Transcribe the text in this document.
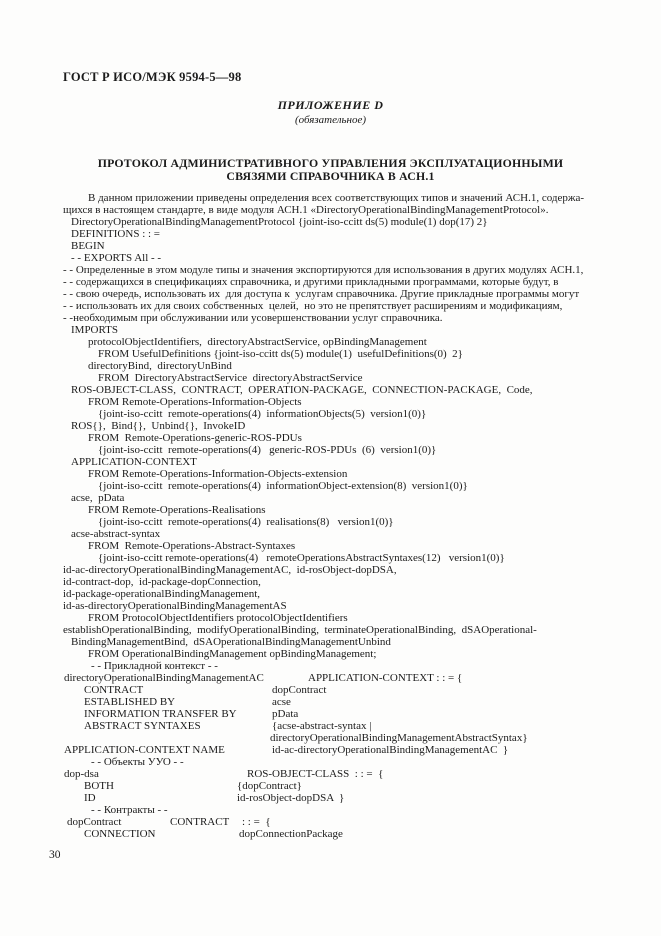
ГОСТ Р ИСО/МЭК 9594-5—98
ПРИЛОЖЕНИЕ D
(обязательное)
ПРОТОКОЛ АДМИНИСТРАТИВНОГО УПРАВЛЕНИЯ ЭКСПЛУАТАЦИОННЫМИ
СВЯЗЯМИ СПРАВОЧНИКА В АСН.1
В данном приложении приведены определения всех соответствующих типов и значений АСН.1, содержа-
щихся в настоящем стандарте, в виде модуля АСН.1 «DirectoryOperationalBindingManagementProtocol».
DirectoryOperationalBindingManagementProtocol {joint-iso-ccitt ds(5) module(1) dop(17) 2}
DEFINITIONS : : =
BEGIN
- - EXPORTS All - -
- - Определенные в этом модуле типы и значения экспортируются для использования в других модулях АСН.1,
- - содержащихся в спецификациях справочника, и другими прикладными программами, которые будут, в
- - свою очередь, использовать их  для доступа к  услугам справочника. Другие прикладные программы могут
- - использовать их для своих собственных  целей,  но это не препятствует расширениям и модификациям,
- -необходимым при обслуживании или усовершенствовании услуг справочника.
IMPORTS
protocolObjectIdentifiers,  directoryAbstractService, opBindingManagement
FROM UsefulDefinitions {joint-iso-ccitt ds(5) module(1)  usefulDefinitions(0)  2}
directoryBind,  directoryUnBind
FROM  DirectoryAbstractService  directoryAbstractService
ROS-OBJECT-CLASS,  CONTRACT,  OPERATION-PACKAGE,  CONNECTION-PACKAGE,  Code,
FROM Remote-Operations-Information-Objects
{joint-iso-ccitt  remote-operations(4)  informationObjects(5)  version1(0)}
ROS{},  Bind{},  Unbind{},  InvokeID
FROM  Remote-Operations-generic-ROS-PDUs
{joint-iso-ccitt  remote-operations(4)   generic-ROS-PDUs  (6)  version1(0)}
APPLICATION-CONTEXT
FROM Remote-Operations-Information-Objects-extension
{joint-iso-ccitt  remote-operations(4)  informationObject-extension(8)  version1(0)}
acse,  pData
FROM Remote-Operations-Realisations
{joint-iso-ccitt  remote-operations(4)  realisations(8)   version1(0)}
acse-abstract-syntax
FROM  Remote-Operations-Abstract-Syntaxes
{joint-iso-ccitt remote-operations(4)   remoteOperationsAbstractSyntaxes(12)   version1(0)}
id-ac-directoryOperationalBindingManagementAC,  id-rosObject-dopDSA,
id-contract-dop,  id-package-dopConnection,
id-package-operationalBindingManagement,
id-as-directoryOperationalBindingManagementAS
FROM ProtocolObjectIdentifiers protocolObjectIdentifiers
establishOperationalBinding,  modifyOperationalBinding,  terminateOperationalBinding,  dSAOperational-
BindingManagementBind,  dSAOperationalBindingManagementUnbind
FROM OperationalBindingManagement opBindingManagement;
- - Прикладной контекст - -
directoryOperationalBindingManagementAC	APPLICATION-CONTEXT : : = {
CONTRACT	dopContract
ESTABLISHED BY	acse
INFORMATION TRANSFER BY	pData
ABSTRACT SYNTAXES	{acse-abstract-syntax |
directoryOperationalBindingManagementAbstractSyntax}
APPLICATION-CONTEXT NAME	id-ac-directoryOperationalBindingManagementAC  }
- - Объекты УУО - -
dop-dsa	ROS-OBJECT-CLASS  : : =  {
BOTH	{dopContract}
ID	id-rosObject-dopDSA  }
- - Контракты - -
dopContract	CONTRACT : : =  {
CONNECTION	dopConnectionPackage
30
